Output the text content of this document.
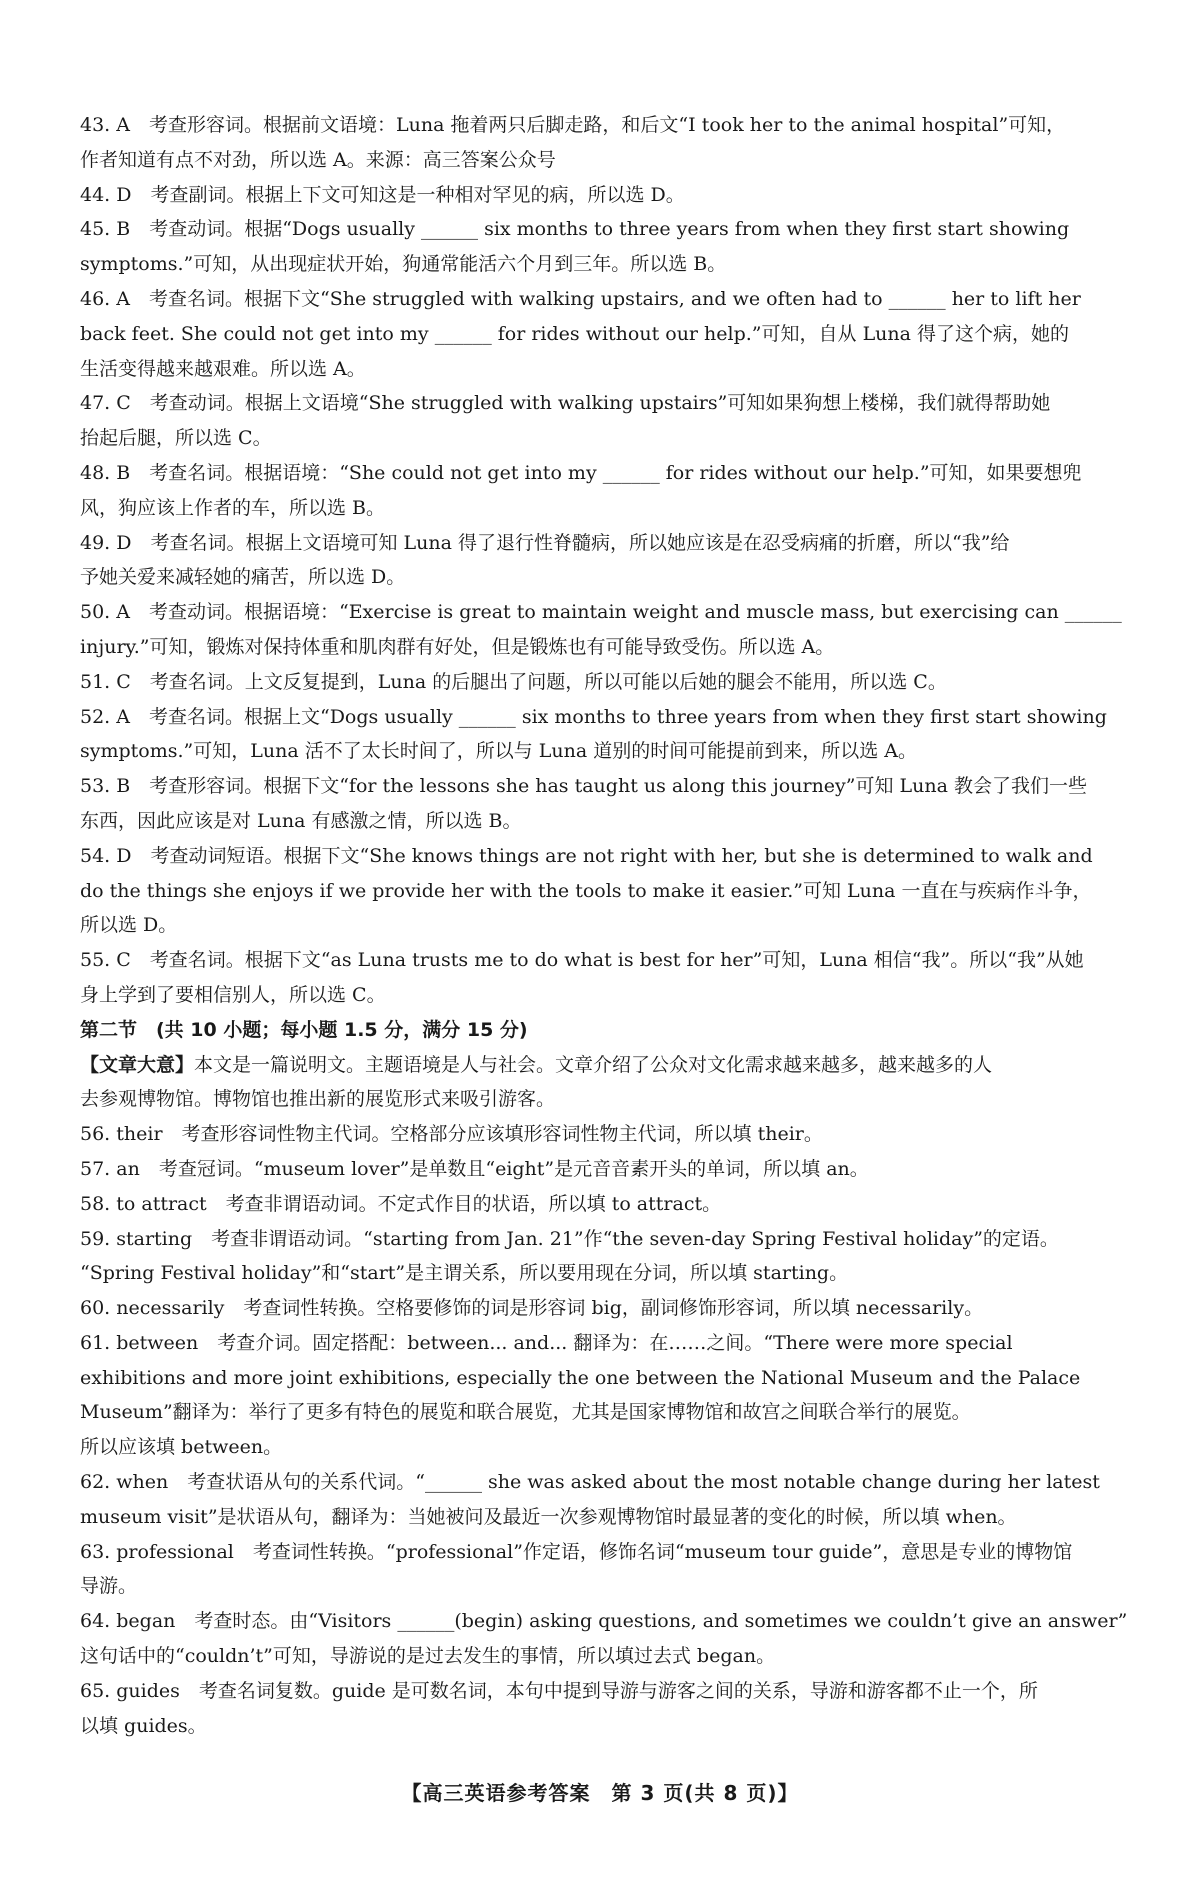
43. A　考查形容词。根据前文语境：Luna 拖着两只后脚走路，和后文“I took her to the animal hospital”可知，

作者知道有点不对劲，所以选 A。来源：高三答案公众号

44. D　考查副词。根据上下文可知这是一种相对罕见的病，所以选 D。

45. B　考查动词。根据“Dogs usually ______ six months to three years from when they first start showing

symptoms.”可知，从出现症状开始，狗通常能活六个月到三年。所以选 B。

46. A　考查名词。根据下文“She struggled with walking upstairs, and we often had to ______ her to lift her

back feet. She could not get into my ______ for rides without our help.”可知，自从 Luna 得了这个病，她的

生活变得越来越艰难。所以选 A。

47. C　考查动词。根据上文语境“She struggled with walking upstairs”可知如果狗想上楼梯，我们就得帮助她

抬起后腿，所以选 C。

48. B　考查名词。根据语境：“She could not get into my ______ for rides without our help.”可知，如果要想兜

风，狗应该上作者的车，所以选 B。

49. D　考查名词。根据上文语境可知 Luna 得了退行性脊髓病，所以她应该是在忍受病痛的折磨，所以“我”给

予她关爱来减轻她的痛苦，所以选 D。

50. A　考查动词。根据语境：“Exercise is great to maintain weight and muscle mass, but exercising can ______

injury.”可知，锻炼对保持体重和肌肉群有好处，但是锻炼也有可能导致受伤。所以选 A。

51. C　考查名词。上文反复提到，Luna 的后腿出了问题，所以可能以后她的腿会不能用，所以选 C。

52. A　考查名词。根据上文“Dogs usually ______ six months to three years from when they first start showing

symptoms.”可知，Luna 活不了太长时间了，所以与 Luna 道别的时间可能提前到来，所以选 A。

53. B　考查形容词。根据下文“for the lessons she has taught us along this journey”可知 Luna 教会了我们一些

东西，因此应该是对 Luna 有感激之情，所以选 B。

54. D　考查动词短语。根据下文“She knows things are not right with her, but she is determined to walk and

do the things she enjoys if we provide her with the tools to make it easier.”可知 Luna 一直在与疾病作斗争，

所以选 D。

55. C　考查名词。根据下文“as Luna trusts me to do what is best for her”可知，Luna 相信“我”。所以“我”从她

身上学到了要相信别人，所以选 C。

第二节　(共 10 小题；每小题 1.5 分，满分 15 分)

【文章大意】本文是一篇说明文。主题语境是人与社会。文章介绍了公众对文化需求越来越多，越来越多的人
去参观博物馆。博物馆也推出新的展览形式来吸引游客。

56. their　考查形容词性物主代词。空格部分应该填形容词性物主代词，所以填 their。

57. an　考查冠词。“museum lover”是单数且“eight”是元音音素开头的单词，所以填 an。

58. to attract　考查非谓语动词。不定式作目的状语，所以填 to attract。

59. starting　考查非谓语动词。“starting from Jan. 21”作“the seven-day Spring Festival holiday”的定语。

“Spring Festival holiday”和“start”是主谓关系，所以要用现在分词，所以填 starting。

60. necessarily　考查词性转换。空格要修饰的词是形容词 big，副词修饰形容词，所以填 necessarily。

61. between　考查介词。固定搭配：between... and... 翻译为：在……之间。“There were more special

exhibitions and more joint exhibitions, especially the one between the National Museum and the Palace

Museum”翻译为：举行了更多有特色的展览和联合展览，尤其是国家博物馆和故宫之间联合举行的展览。

所以应该填 between。

62. when　考查状语从句的关系代词。“______ she was asked about the most notable change during her latest

museum visit”是状语从句，翻译为：当她被问及最近一次参观博物馆时最显著的变化的时候，所以填 when。

63. professional　考查词性转换。“professional”作定语，修饰名词“museum tour guide”，意思是专业的博物馆

导游。

64. began　考查时态。由“Visitors ______(begin) asking questions, and sometimes we couldn’t give an answer”

这句话中的“couldn’t”可知，导游说的是过去发生的事情，所以填过去式 began。

65. guides　考查名词复数。guide 是可数名词，本句中提到导游与游客之间的关系，导游和游客都不止一个，所

以填 guides。

【高三英语参考答案　第 3 页(共 8 页)】
